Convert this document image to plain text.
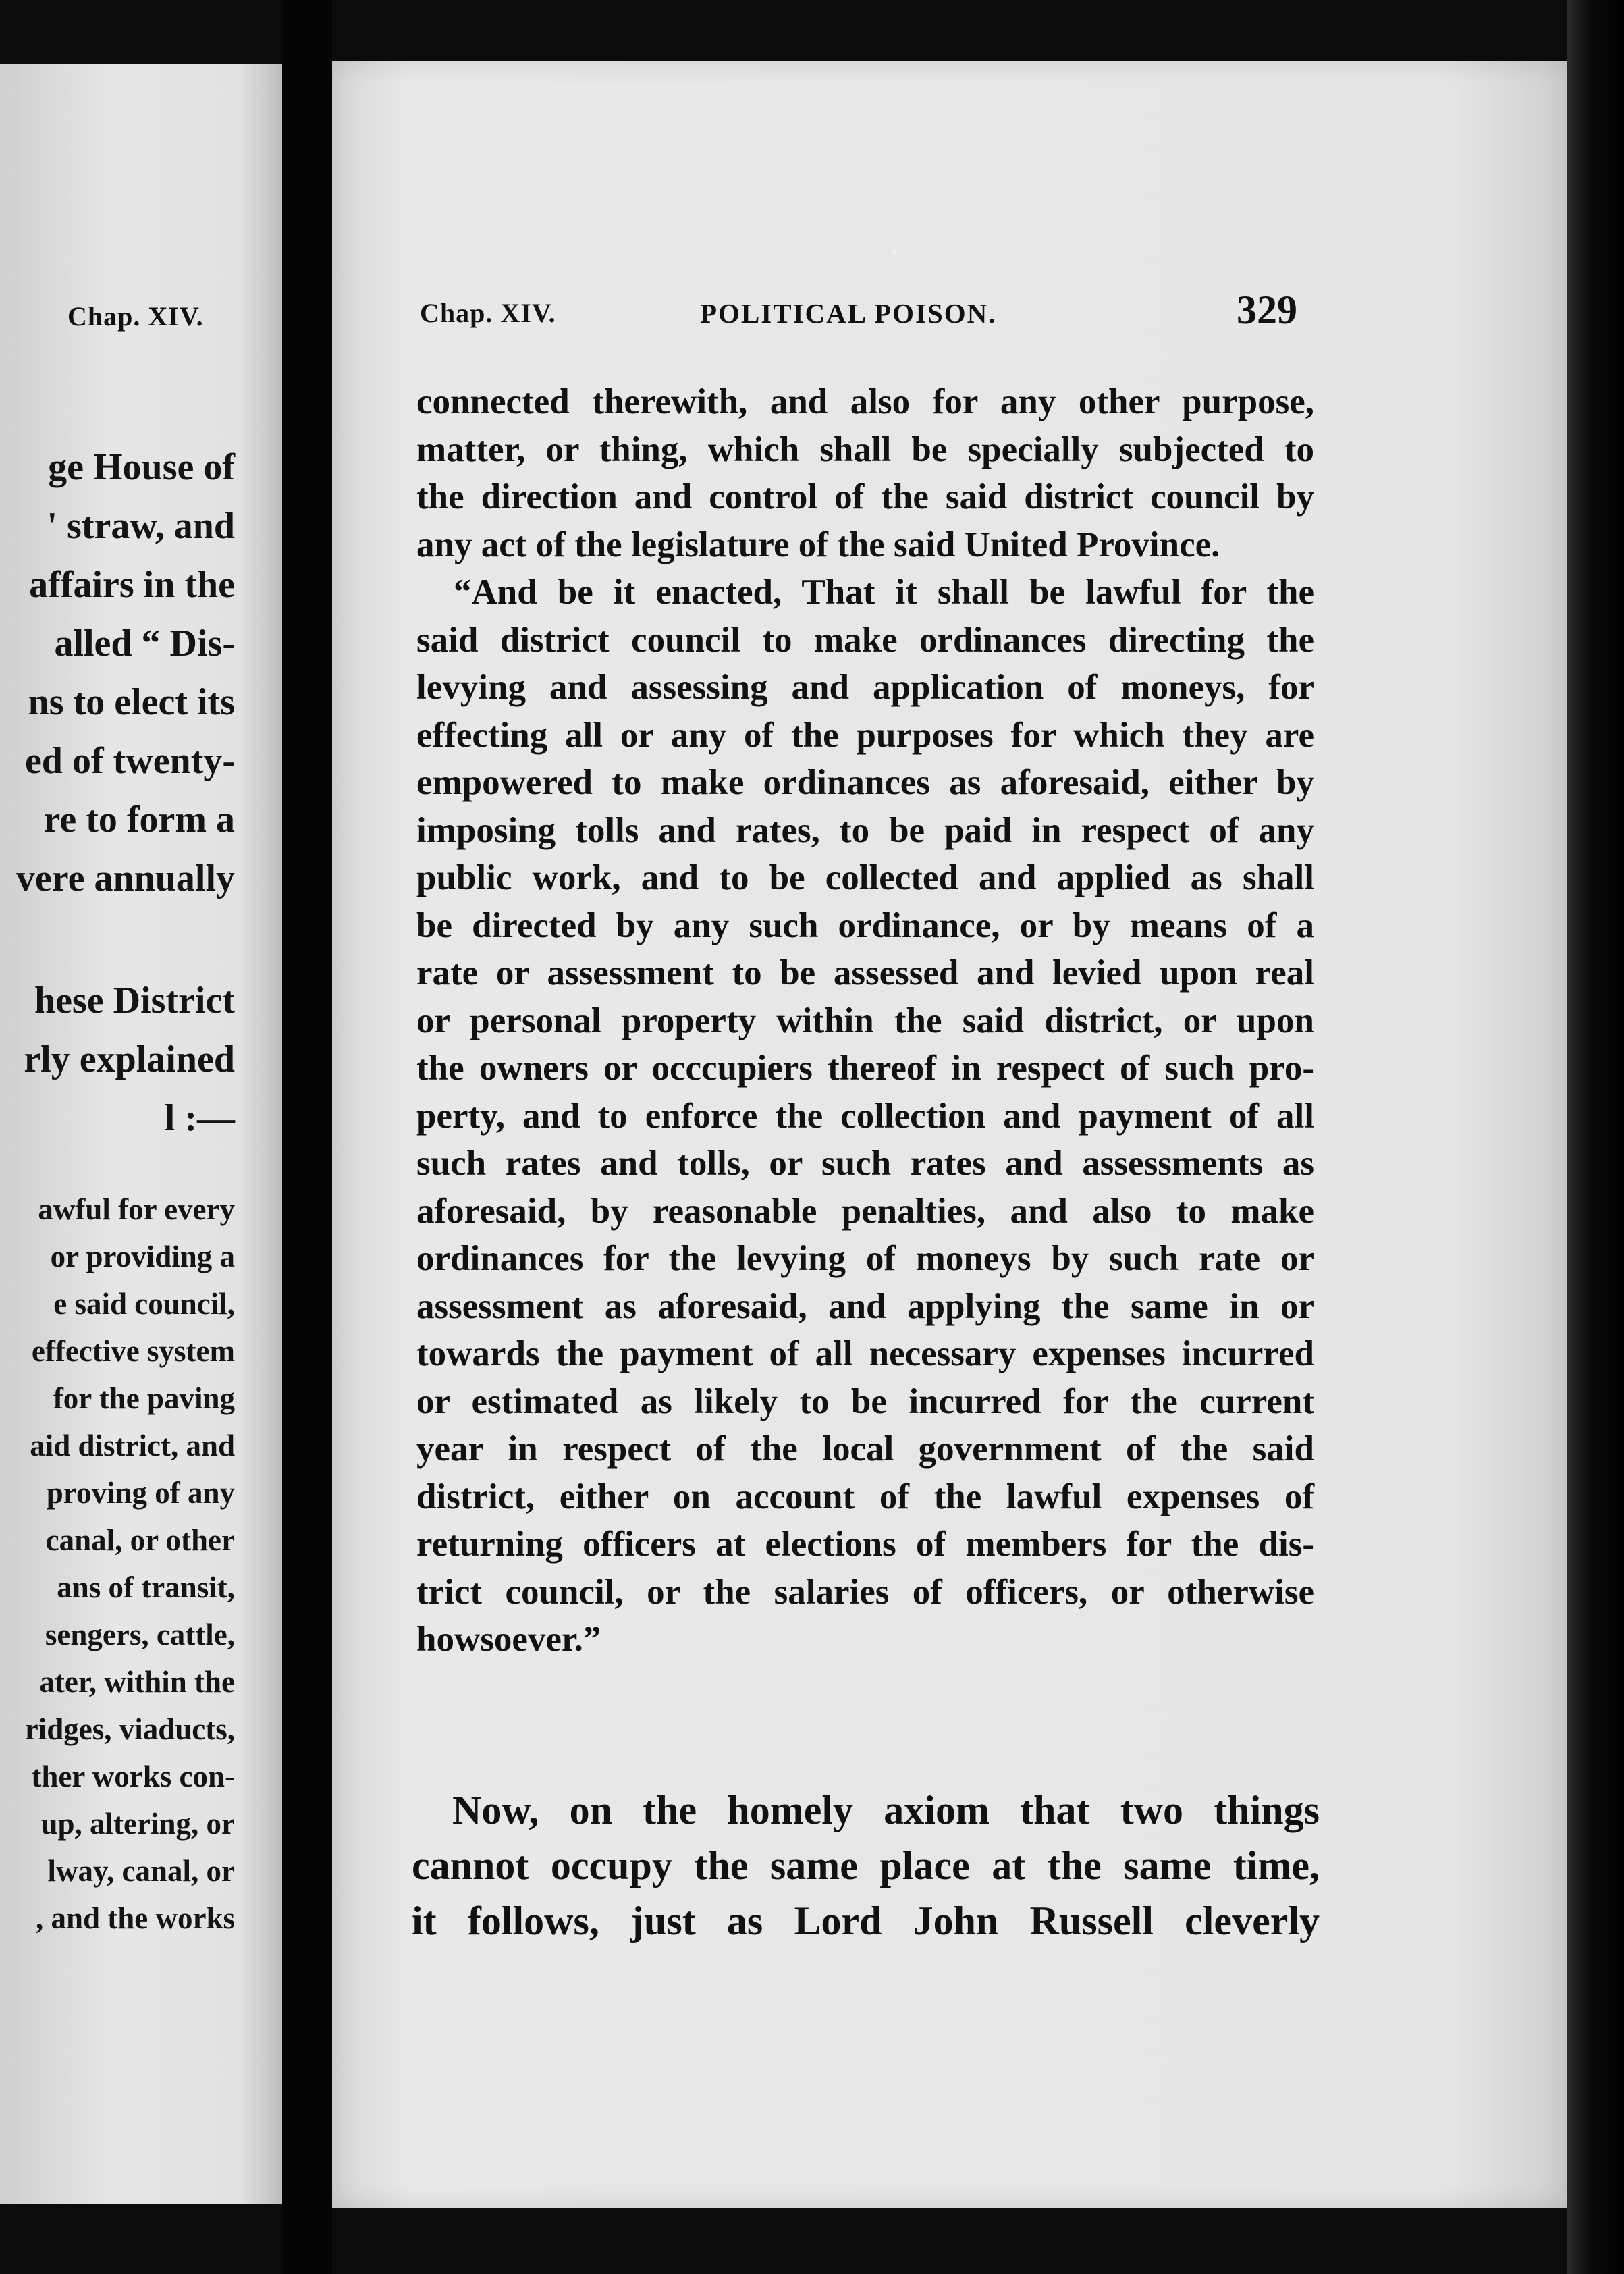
Chap. XIV.
ge House of
' straw, and
affairs in the
alled “ Dis-
ns to elect its
ed of twenty-
re to form a
vere annually
hese District
rly explained
l :—
awful for every
or providing a
e said council,
effective system
for the paving
aid district, and
proving of any
canal, or other
ans of transit,
sengers, cattle,
ater, within the
ridges, viaducts,
ther works con-
up, altering, or
lway, canal, or
, and the works
Chap. XIV.	POLITICAL POISON.	329
connected therewith, and also for any other purpose,
matter, or thing, which shall be specially subjected to
the direction and control of the said district council by
any act of the legislature of the said United Province.
“And be it enacted, That it shall be lawful for the
said district council to make ordinances directing the
levying and assessing and application of moneys, for
effecting all or any of the purposes for which they are
empowered to make ordinances as aforesaid, either by
imposing tolls and rates, to be paid in respect of any
public work, and to be collected and applied as shall
be directed by any such ordinance, or by means of a
rate or assessment to be assessed and levied upon real
or personal property within the said district, or upon
the owners or occcupiers thereof in respect of such pro-
perty, and to enforce the collection and payment of all
such rates and tolls, or such rates and assessments as
aforesaid, by reasonable penalties, and also to make
ordinances for the levying of moneys by such rate or
assessment as aforesaid, and applying the same in or
towards the payment of all necessary expenses incurred
or estimated as likely to be incurred for the current
year in respect of the local government of the said
district, either on account of the lawful expenses of
returning officers at elections of members for the dis-
trict council, or the salaries of officers, or otherwise
howsoever.”
Now, on the homely axiom that two things
cannot occupy the same place at the same time,
it follows, just as Lord John Russell cleverly
